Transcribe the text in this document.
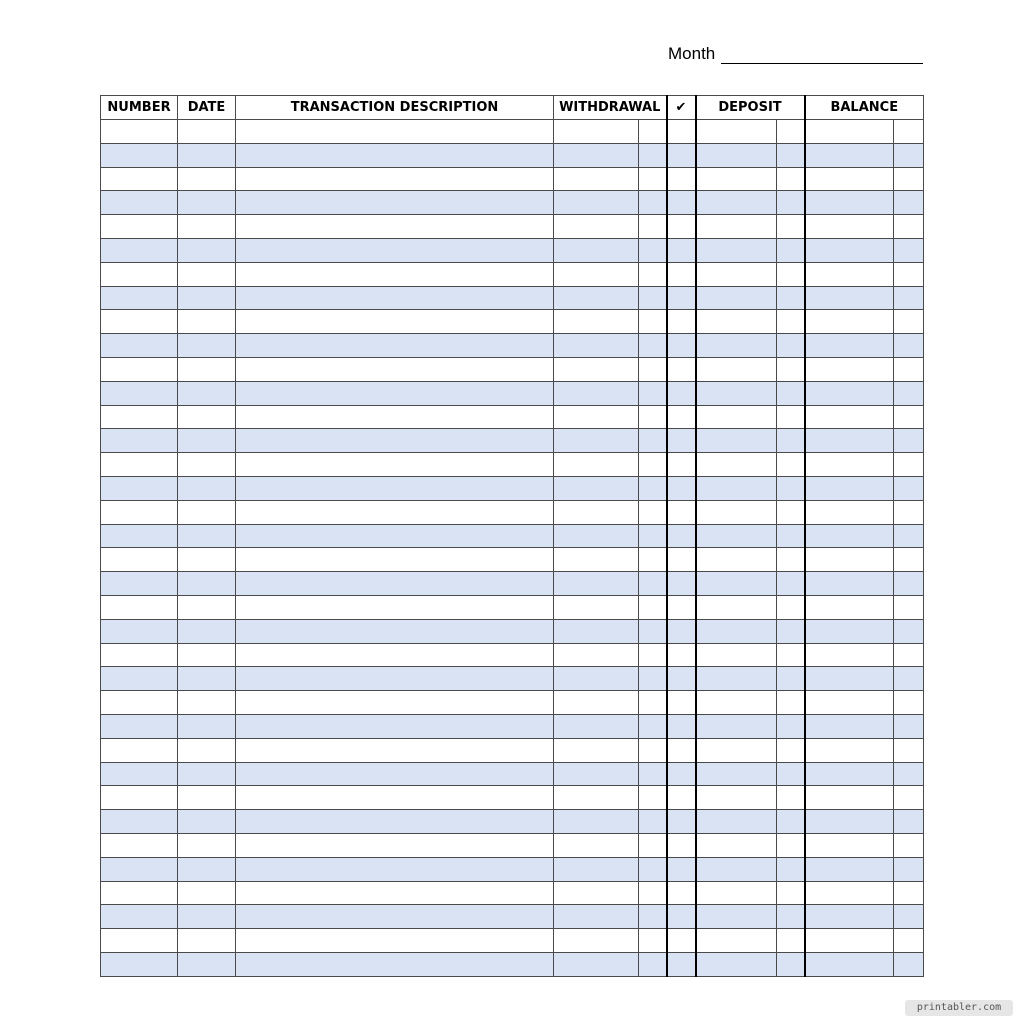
Month
NUMBER	DATE	TRANSACTION DESCRIPTION	WITHDRAWAL		✔	DEPOSIT		BALANCE	

printabler.com
